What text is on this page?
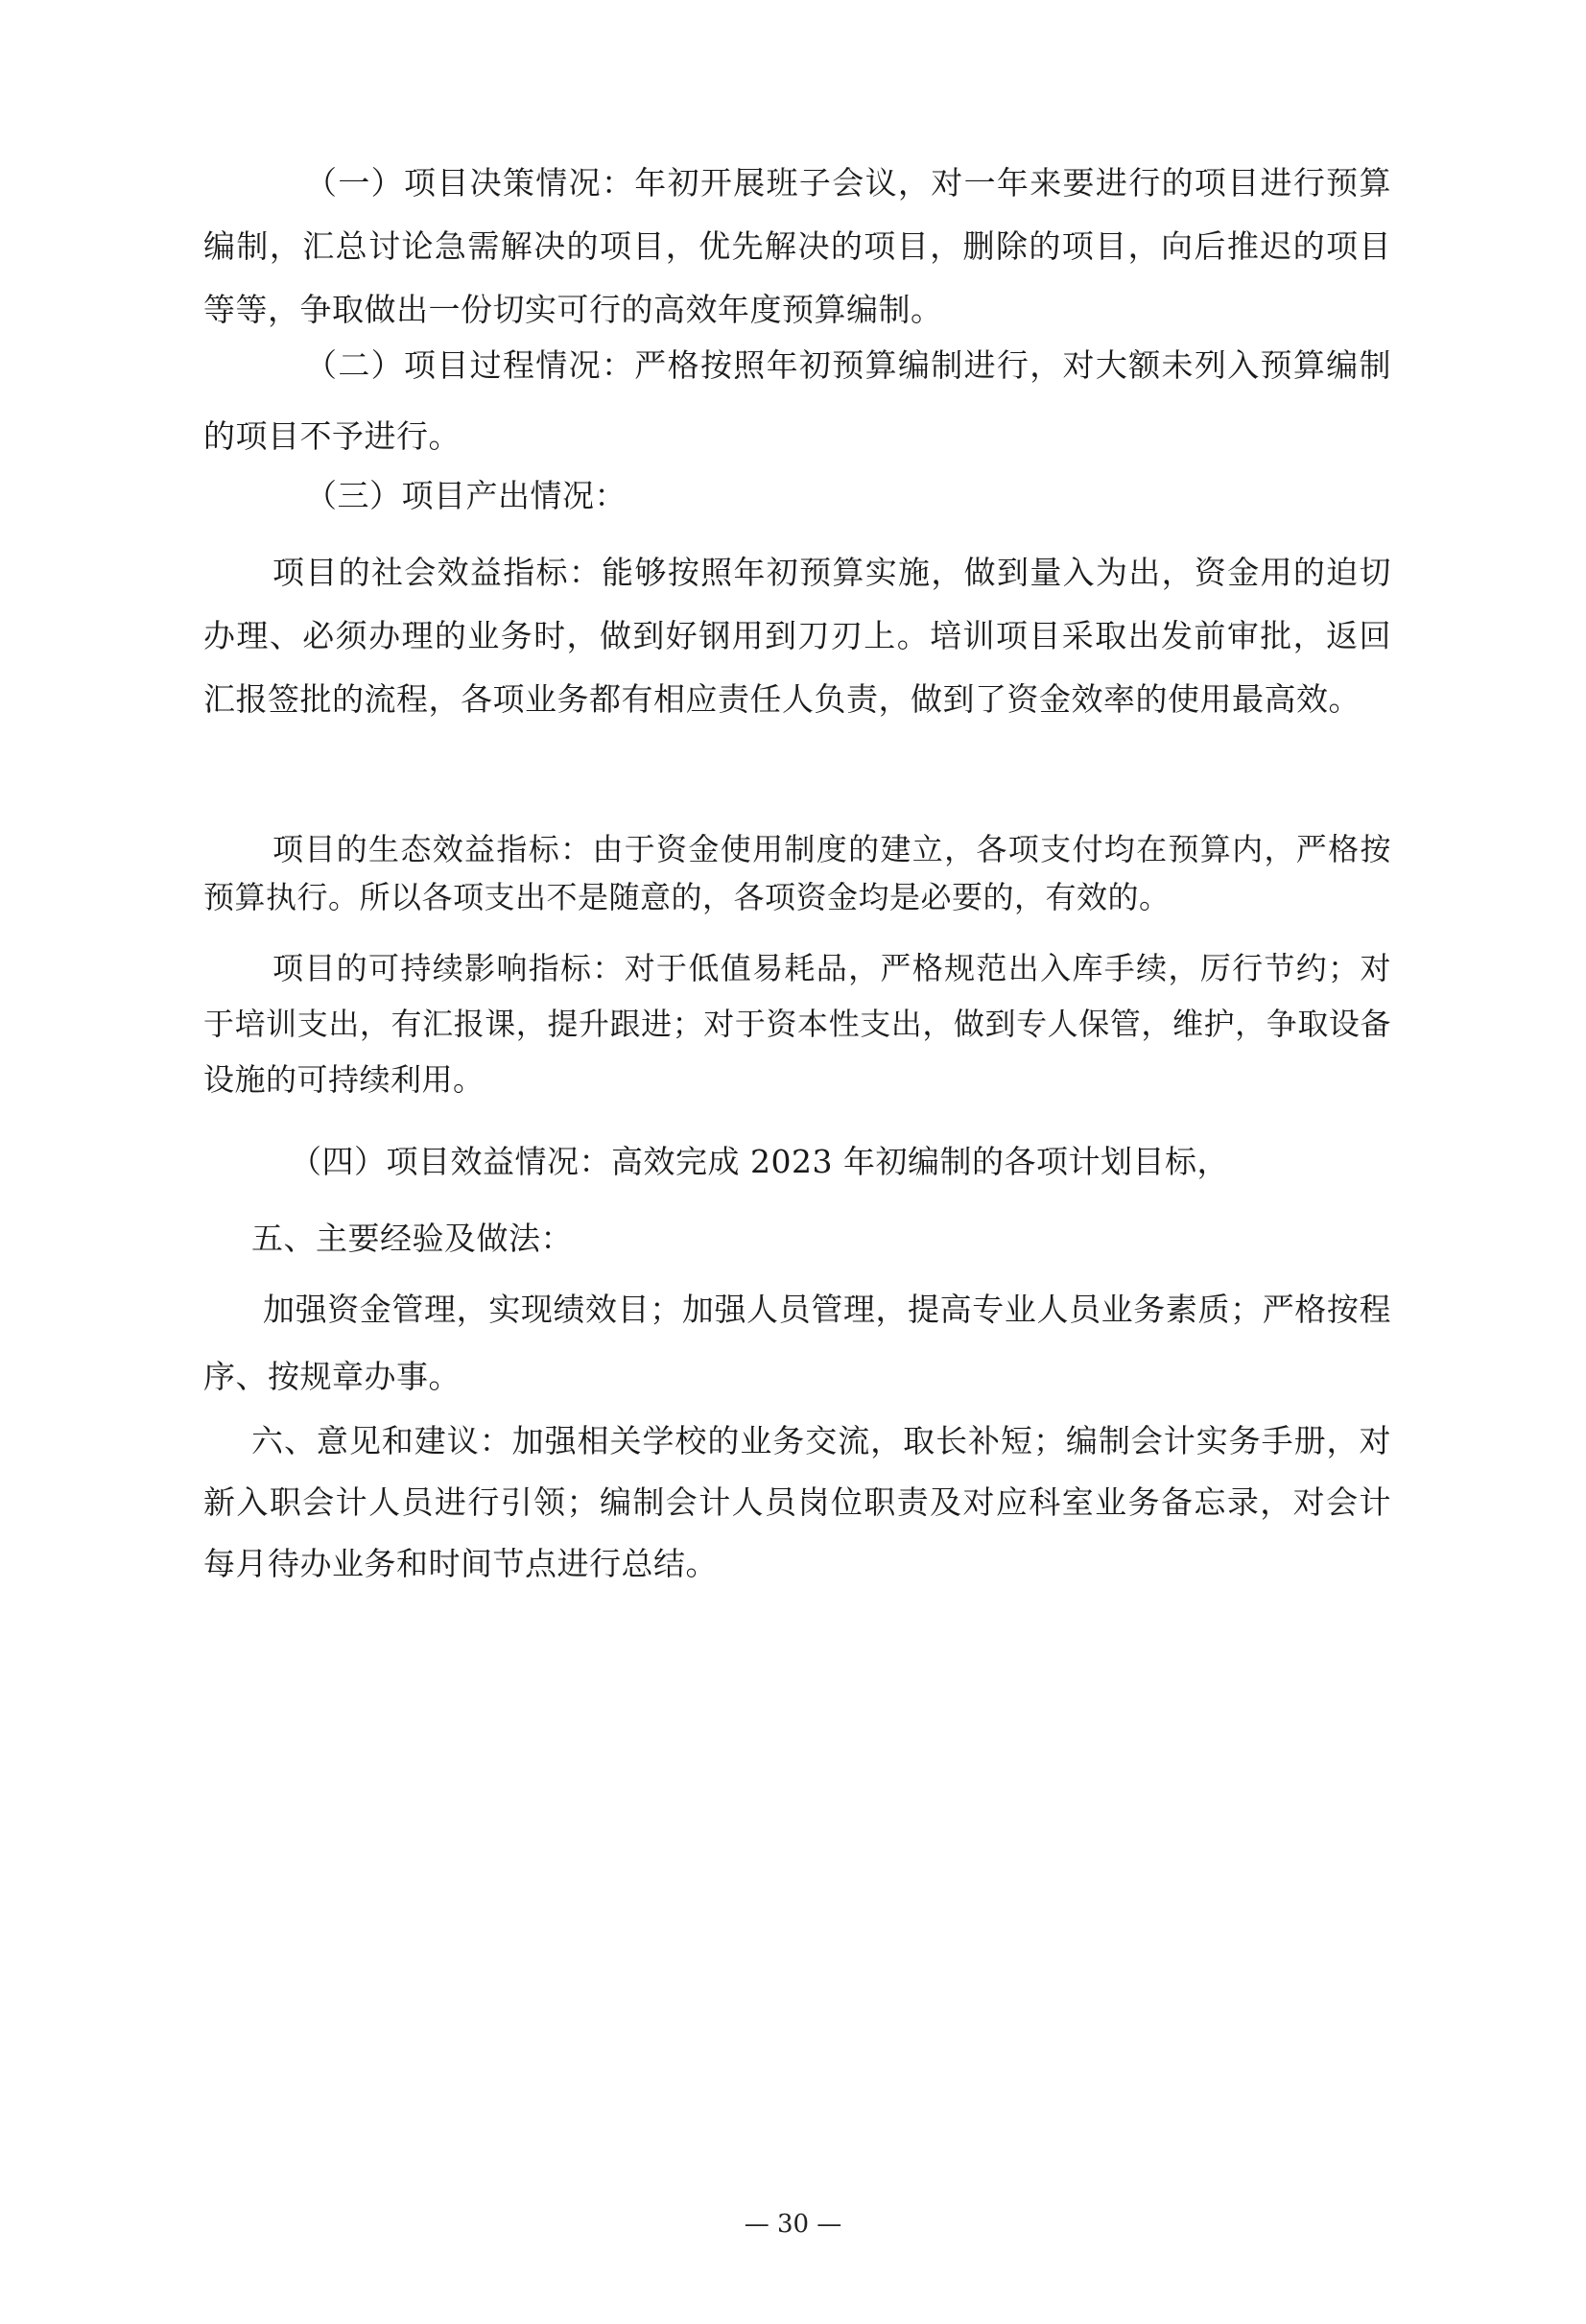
（一）项目决策情况：年初开展班子会议，对一年来要进行的项目进行预算编制，汇总讨论急需解决的项目，优先解决的项目，删除的项目，向后推迟的项目等等，争取做出一份切实可行的高效年度预算编制。

（二）项目过程情况：严格按照年初预算编制进行，对大额未列入预算编制的项目不予进行。

（三）项目产出情况：

项目的社会效益指标：能够按照年初预算实施，做到量入为出，资金用的迫切办理、必须办理的业务时，做到好钢用到刀刃上。培训项目采取出发前审批，返回汇报签批的流程，各项业务都有相应责任人负责，做到了资金效率的使用最高效。

项目的生态效益指标：由于资金使用制度的建立，各项支付均在预算内，严格按预算执行。所以各项支出不是随意的，各项资金均是必要的，有效的。

项目的可持续影响指标：对于低值易耗品，严格规范出入库手续，厉行节约；对于培训支出，有汇报课，提升跟进；对于资本性支出，做到专人保管，维护，争取设备设施的可持续利用。

（四）项目效益情况：高效完成 2023 年初编制的各项计划目标，

五、主要经验及做法：

加强资金管理，实现绩效目；加强人员管理，提高专业人员业务素质；严格按程序、按规章办事。

六、意见和建议：加强相关学校的业务交流，取长补短；编制会计实务手册，对新入职会计人员进行引领；编制会计人员岗位职责及对应科室业务备忘录，对会计每月待办业务和时间节点进行总结。

— 30 —
